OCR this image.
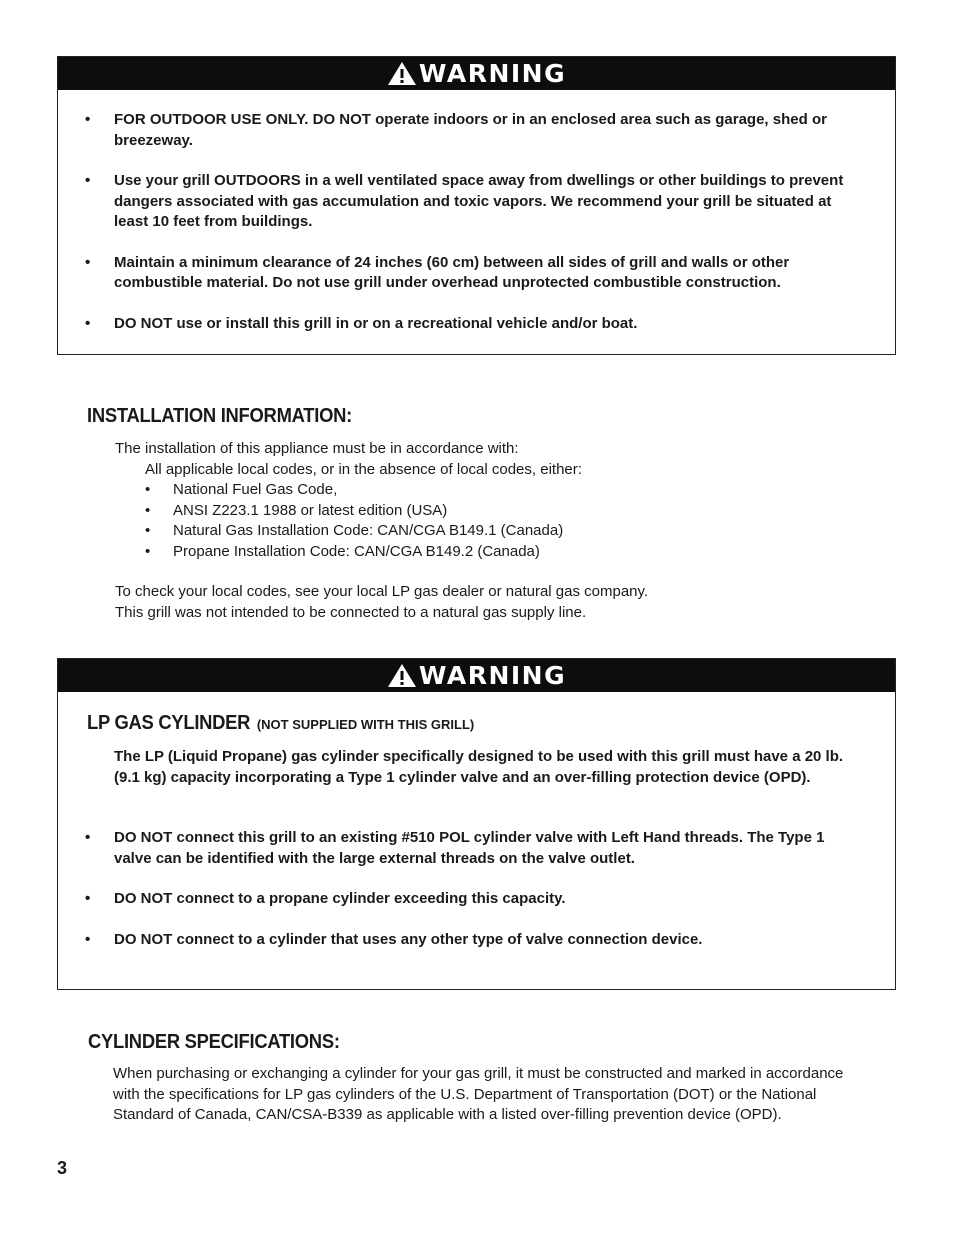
WARNING
• FOR OUTDOOR USE ONLY. DO NOT operate indoors or in an enclosed area such as garage, shed or breezeway.
• Use your grill OUTDOORS in a well ventilated space away from dwellings or other buildings to prevent dangers associated with gas accumulation and toxic vapors. We recommend your grill be situated at least 10 feet from buildings.
• Maintain a minimum clearance of 24 inches (60 cm) between all sides of grill and walls or other combustible material. Do not use grill under overhead unprotected combustible construction.
• DO NOT use or install this grill in or on a recreational vehicle and/or boat.
INSTALLATION INFORMATION:
The installation of this appliance must be in accordance with:
All applicable local codes, or in the absence of local codes, either:
• National Fuel Gas Code,
• ANSI Z223.1 1988 or latest edition (USA)
• Natural Gas Installation Code: CAN/CGA B149.1 (Canada)
• Propane Installation Code: CAN/CGA B149.2 (Canada)
To check your local codes, see your local LP gas dealer or natural gas company.
This grill was not intended to be connected to a natural gas supply line.
WARNING
LP GAS CYLINDER (NOT SUPPLIED WITH THIS GRILL)
The LP (Liquid Propane) gas cylinder specifically designed to be used with this grill must have a 20 lb. (9.1 kg) capacity incorporating a Type 1 cylinder valve and an over-filling protection device (OPD).
• DO NOT connect this grill to an existing #510 POL cylinder valve with Left Hand threads. The Type 1 valve can be identified with the large external threads on the valve outlet.
• DO NOT connect to a propane cylinder exceeding this capacity.
• DO NOT connect to a cylinder that uses any other type of valve connection device.
CYLINDER SPECIFICATIONS:
When purchasing or exchanging a cylinder for your gas grill, it must be constructed and marked in accordance with the specifications for LP gas cylinders of the U.S. Department of Transportation (DOT) or the National Standard of Canada, CAN/CSA-B339 as applicable with a listed over-filling prevention device (OPD).
3
